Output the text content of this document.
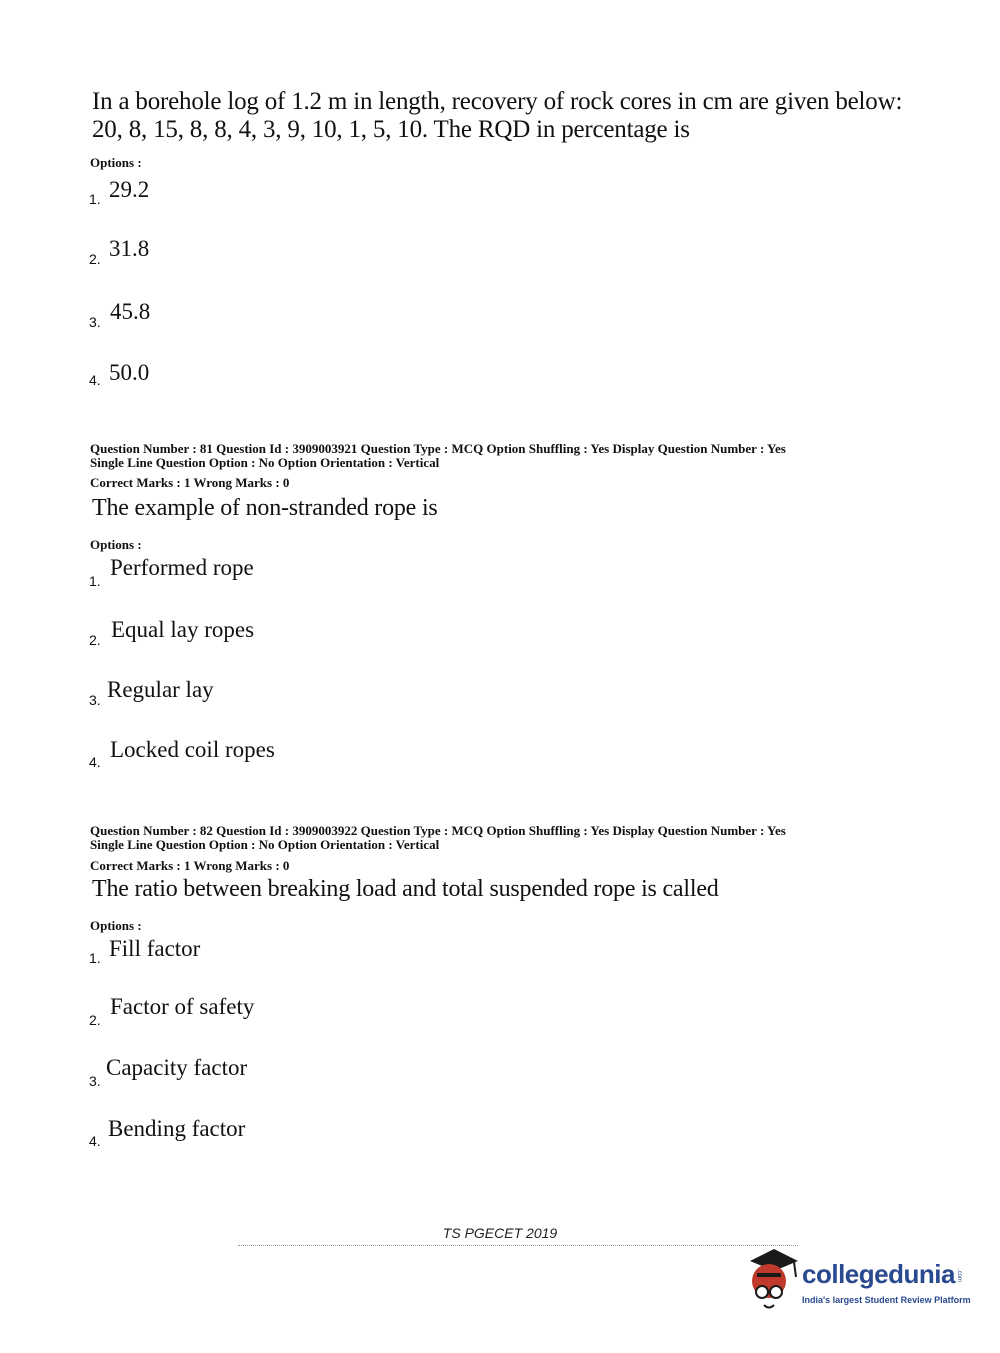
In a borehole log of 1.2 m in length, recovery of rock cores in cm are given below:
20, 8, 15, 8, 8, 4, 3, 9, 10, 1, 5, 10. The RQD in percentage is
Options :
1. 29.2
2. 31.8
3. 45.8
4. 50.0
Question Number : 81 Question Id : 3909003921 Question Type : MCQ Option Shuffling : Yes Display Question Number : Yes
Single Line Question Option : No Option Orientation : Vertical
Correct Marks : 1 Wrong Marks : 0
The example of non-stranded rope is
Options :
1.
Performed rope
2. Equal lay ropes
3. Regular lay
4. Locked coil ropes
Question Number : 82 Question Id : 3909003922 Question Type : MCQ Option Shuffling : Yes Display Question Number : Yes
Single Line Question Option : No Option Orientation : Vertical
Correct Marks : 1 Wrong Marks : 0
The ratio between breaking load and total suspended rope is called
Options :
1. Fill factor
2.
Factor of safety
3.
Capacity factor
4. Bending factor
TS PGECET 2019
collegedunia .com
India's largest Student Review Platform
